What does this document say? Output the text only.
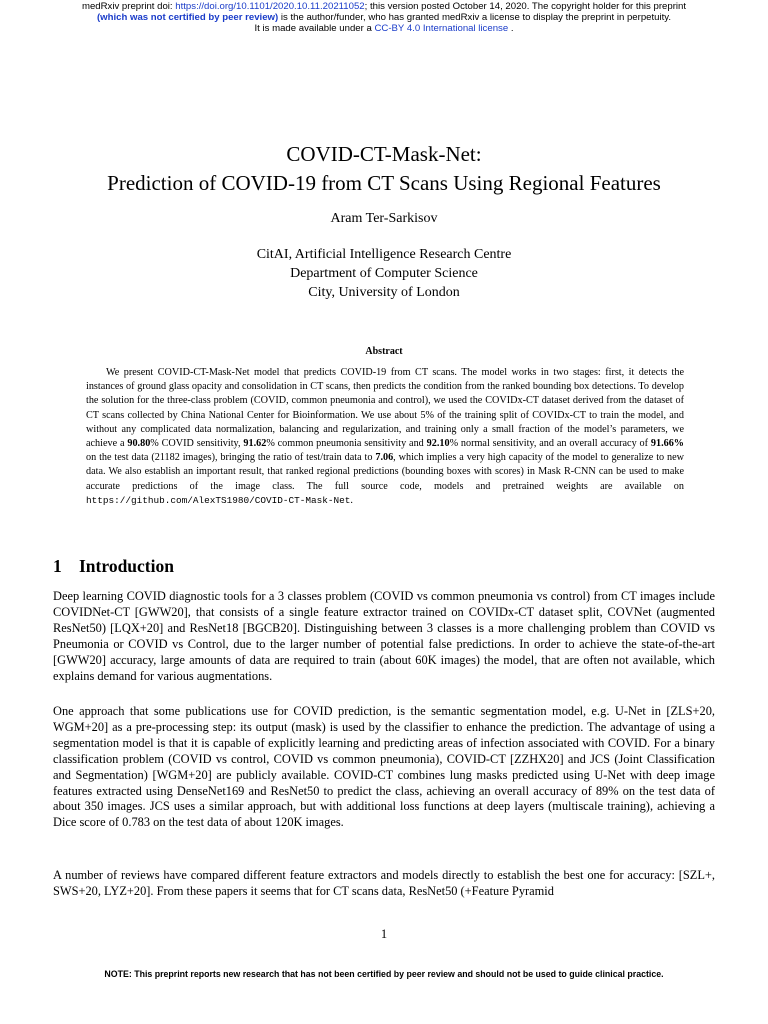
medRxiv preprint doi: https://doi.org/10.1101/2020.10.11.20211052; this version posted October 14, 2020. The copyright holder for this preprint
(which was not certified by peer review) is the author/funder, who has granted medRxiv a license to display the preprint in perpetuity.
It is made available under a CC-BY 4.0 International license .
COVID-CT-Mask-Net:
Prediction of COVID-19 from CT Scans Using Regional Features
Aram Ter-Sarkisov
CitAI, Artificial Intelligence Research Centre
Department of Computer Science
City, University of London
Abstract

We present COVID-CT-Mask-Net model that predicts COVID-19 from CT scans. The model works in two stages: first, it detects the instances of ground glass opacity and consolidation in CT scans, then predicts the condition from the ranked bounding box detections. To develop the solution for the three-class problem (COVID, common pneumonia and control), we used the COVIDx-CT dataset derived from the dataset of CT scans collected by China National Center for Bioinformation. We use about 5% of the training split of COVIDx-CT to train the model, and without any complicated data normalization, balancing and regularization, and training only a small fraction of the model’s parameters, we achieve a 90.80% COVID sensitivity, 91.62% common pneumonia sensitivity and 92.10% normal sensitivity, and an overall accuracy of 91.66% on the test data (21182 images), bringing the ratio of test/train data to 7.06, which implies a very high capacity of the model to generalize to new data. We also establish an important result, that ranked regional predictions (bounding boxes with scores) in Mask R-CNN can be used to make accurate predictions of the image class. The full source code, models and pretrained weights are available on https://github.com/AlexTS1980/COVID-CT-Mask-Net.

1 Introduction

Deep learning COVID diagnostic tools for a 3 classes problem (COVID vs common pneumonia vs control) from CT images include COVIDNet-CT [GWW20], that consists of a single feature extractor trained on COVIDx-CT dataset split, COVNet (augmented ResNet50) [LQX+20] and ResNet18 [BGCB20]. Distinguishing between 3 classes is a more challenging problem than COVID vs Pneumonia or COVID vs Control, due to the larger number of potential false predictions. In order to achieve the state-of-the-art [GWW20] accuracy, large amounts of data are required to train (about 60K images) the model, that are often not available, which explains demand for various augmentations.

One approach that some publications use for COVID prediction, is the semantic segmentation model, e.g. U-Net in [ZLS+20, WGM+20] as a pre-processing step: its output (mask) is used by the classifier to enhance the prediction. The advantage of using a segmentation model is that it is capable of explicitly learning and predicting areas of infection associated with COVID. For a binary classification problem (COVID vs control, COVID vs common pneumonia), COVID-CT [ZZHX20] and JCS (Joint Classification and Segmentation) [WGM+20] are publicly available. COVID-CT combines lung masks predicted using U-Net with deep image features extracted using DenseNet169 and ResNet50 to predict the class, achieving an overall accuracy of 89% on the test data of about 350 images. JCS uses a similar approach, but with additional loss functions at deep layers (multiscale training), achieving a Dice score of 0.783 on the test data of about 120K images.

A number of reviews have compared different feature extractors and models directly to establish the best one for accuracy: [SZL+, SWS+20, LYZ+20]. From these papers it seems that for CT scans data, ResNet50 (+Feature Pyramid

1
NOTE: This preprint reports new research that has not been certified by peer review and should not be used to guide clinical practice.
